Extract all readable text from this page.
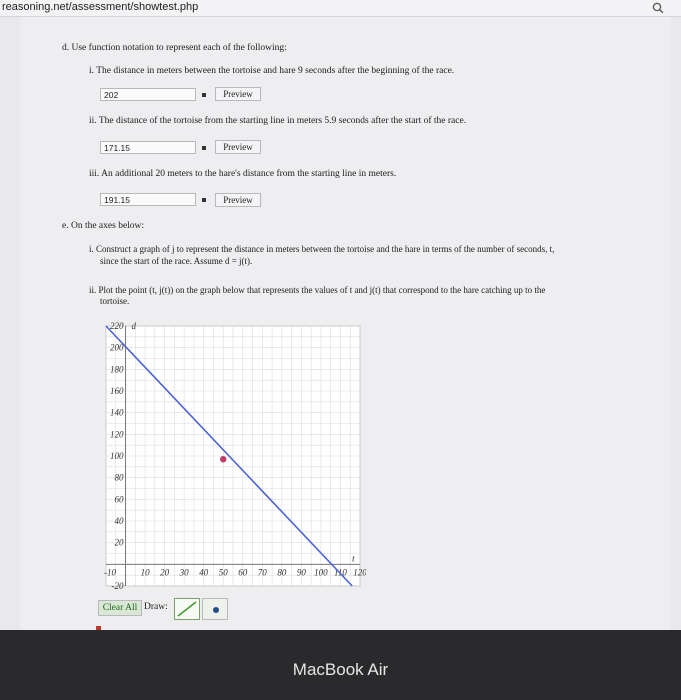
reasoning.net/assessment/showtest.php
d. Use function notation to represent each of the following:
i. The distance in meters between the tortoise and hare 9 seconds after the beginning of the race.
202	Preview
ii. The distance of the tortoise from the starting line in meters 5.9 seconds after the start of the race.
171.15	Preview
iii. An additional 20 meters to the hare's distance from the starting line in meters.
191.15	Preview
e. On the axes below:
i. Construct a graph of j to represent the distance in meters between the tortoise and the hare in terms of the number of seconds, t,
since the start of the race. Assume d = j(t).
ii. Plot the point (t, j(t)) on the graph below that represents the values of t and j(t) that correspond to the hare catching up to the
tortoise.
-20
20
40
60
80
100
120
140
160
180
200
220
-10	10 20 30 40 50 60 70 80 90 100 110 120
d
t
Clear All Draw:
MacBook Air
